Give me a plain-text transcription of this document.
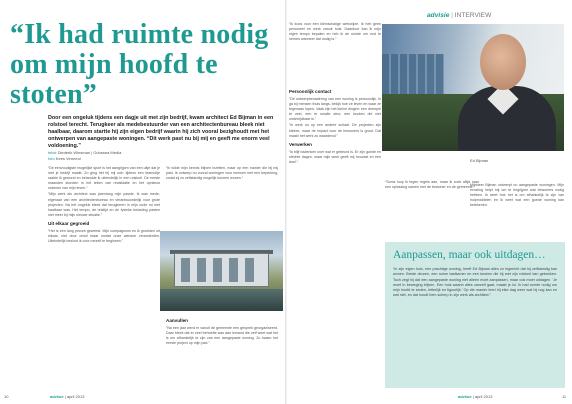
“Ik had ruimte nodig om mijn hoofd te stoten”

Door een ongeluk tijdens een dagje uit met zijn bedrijf, kwam architect Ed Bijman in een rolstoel terecht. Terugkeer als medebestuurder van een architectenbureau bleek niet haalbaar, daarom startte hij zijn eigen bedrijf waarin hij zich vooral bezighoudt met het ontwerpen van aangepaste woningen. “Dit werk past nu bij mij en geeft me enorm veel voldoening.”

tekst Diederik Winsman | Odussea Media
foto Kees Vermeul

“De eenvoudigste mogelijke sport is het aangrijpen van een uitje dat je met je bedrijf maakt. Zo ging het bij mij ook: tijdens een teamuitje raakte ik gewond en belandde ik uiteindelijk in een rolstoel. De eerste maanden stonden in het teken van revalidatie en het opnieuw ordenen van mijn leven.”

“Mijn werk als architect was jarenlang mijn passie. Ik was mede-eigenaar van een architectenbureau en verantwoordelijk voor grote projecten. Na het ongeluk bleek dat terugkeren in mijn oude rol niet haalbaar was. Het tempo, de reistijd en de fysieke belasting pasten niet meer bij mijn nieuwe situatie.”

Uit elkaar gegroeid

“Het is een lang proces geweest. Mijn compagnons en ik groeiden uit elkaar, niet door onwil maar omdat onze wensen veranderden. Uiteindelijk besloot ik voor mezelf te beginnen.”

“Ik wilde mijn kennis blijven inzetten, maar op een manier die bij mij past. Ik ontwerp nu vooral woningen voor mensen met een beperking, zodat zij zo zelfstandig mogelijk kunnen wonen.”

Aanvullen

“Na een jaar werd er vanuit de gemeente een gesprek georganiseerd. Daar bleek dat er veel behoefte was aan iemand die zelf weet wat het is om afhankelijk te zijn van een aangepaste woning. Zo kwam het eerste project op mijn pad.”

10	advisie | april 2013
advisie | INTERVIEW

“Ik koos voor een kleinschalige werkwijze. Ik heb geen personeel en werk vanuit huis. Daardoor kan ik mijn eigen tempo bepalen en heb ik de ruimte om rust te nemen wanneer dat nodig is.”

Persoonlijk contact

“De ontwerpbenadering van een woning is persoonlijk. Ik ga bij mensen thuis langs, bekijk hoe ze leven en waar ze tegenaan lopen. Vaak zijn het kleine dingen: een drempel te veel, een te smalle deur, een keuken die niet onderrijdbaar is.”

“Ik werk nu op een andere schaal. De projecten zijn kleiner, maar de impact voor de bewoners is groot. Dat maakt het werk zo waardevol.”

Verwerken

“Ik blijf nadenken over wat er gebeurd is. Er zijn goede en slechte dagen, maar mijn werk geeft mij houvast en een doel.”	Ed Bijman

Mijnheer Bijman ontwerpt nu aangepaste woningen. Mijn ervaring helpt mij om te begrijpen wat bewoners nodig hebben. Ik weet hoe het is om afhankelijk te zijn van hulpmiddelen en ik weet wat een goede woning kan betekenen.

“Soms loop ik tegen regels aan, maar ik zoek altijd naar een oplossing samen met de bewoner en de gemeente.”

Aanpassen, maar ook uitdagen…

“In zijn eigen huis, een prachtige woning, heeft Ed Bijman alles zo ingericht dat hij zelfstandig kan wonen. Brede deuren, een ruime badkamer en een keuken die hij met zijn rolstoel kan gebruiken. Toch zegt hij dat een aangepaste woning niet alleen moet aanpassen, maar ook moet uitdagen. ‘Je moet in beweging blijven. Een huis waarin alles vanzelf gaat, maakt je lui. Ik had ruimte nodig om mijn hoofd te stoten, letterlijk en figuurlijk.’ Op die manier leert hij elke dag weer wat hij nog kan en wat niet, en dat houdt hem scherp in zijn werk als architect.”

advisie | april 2013	11
